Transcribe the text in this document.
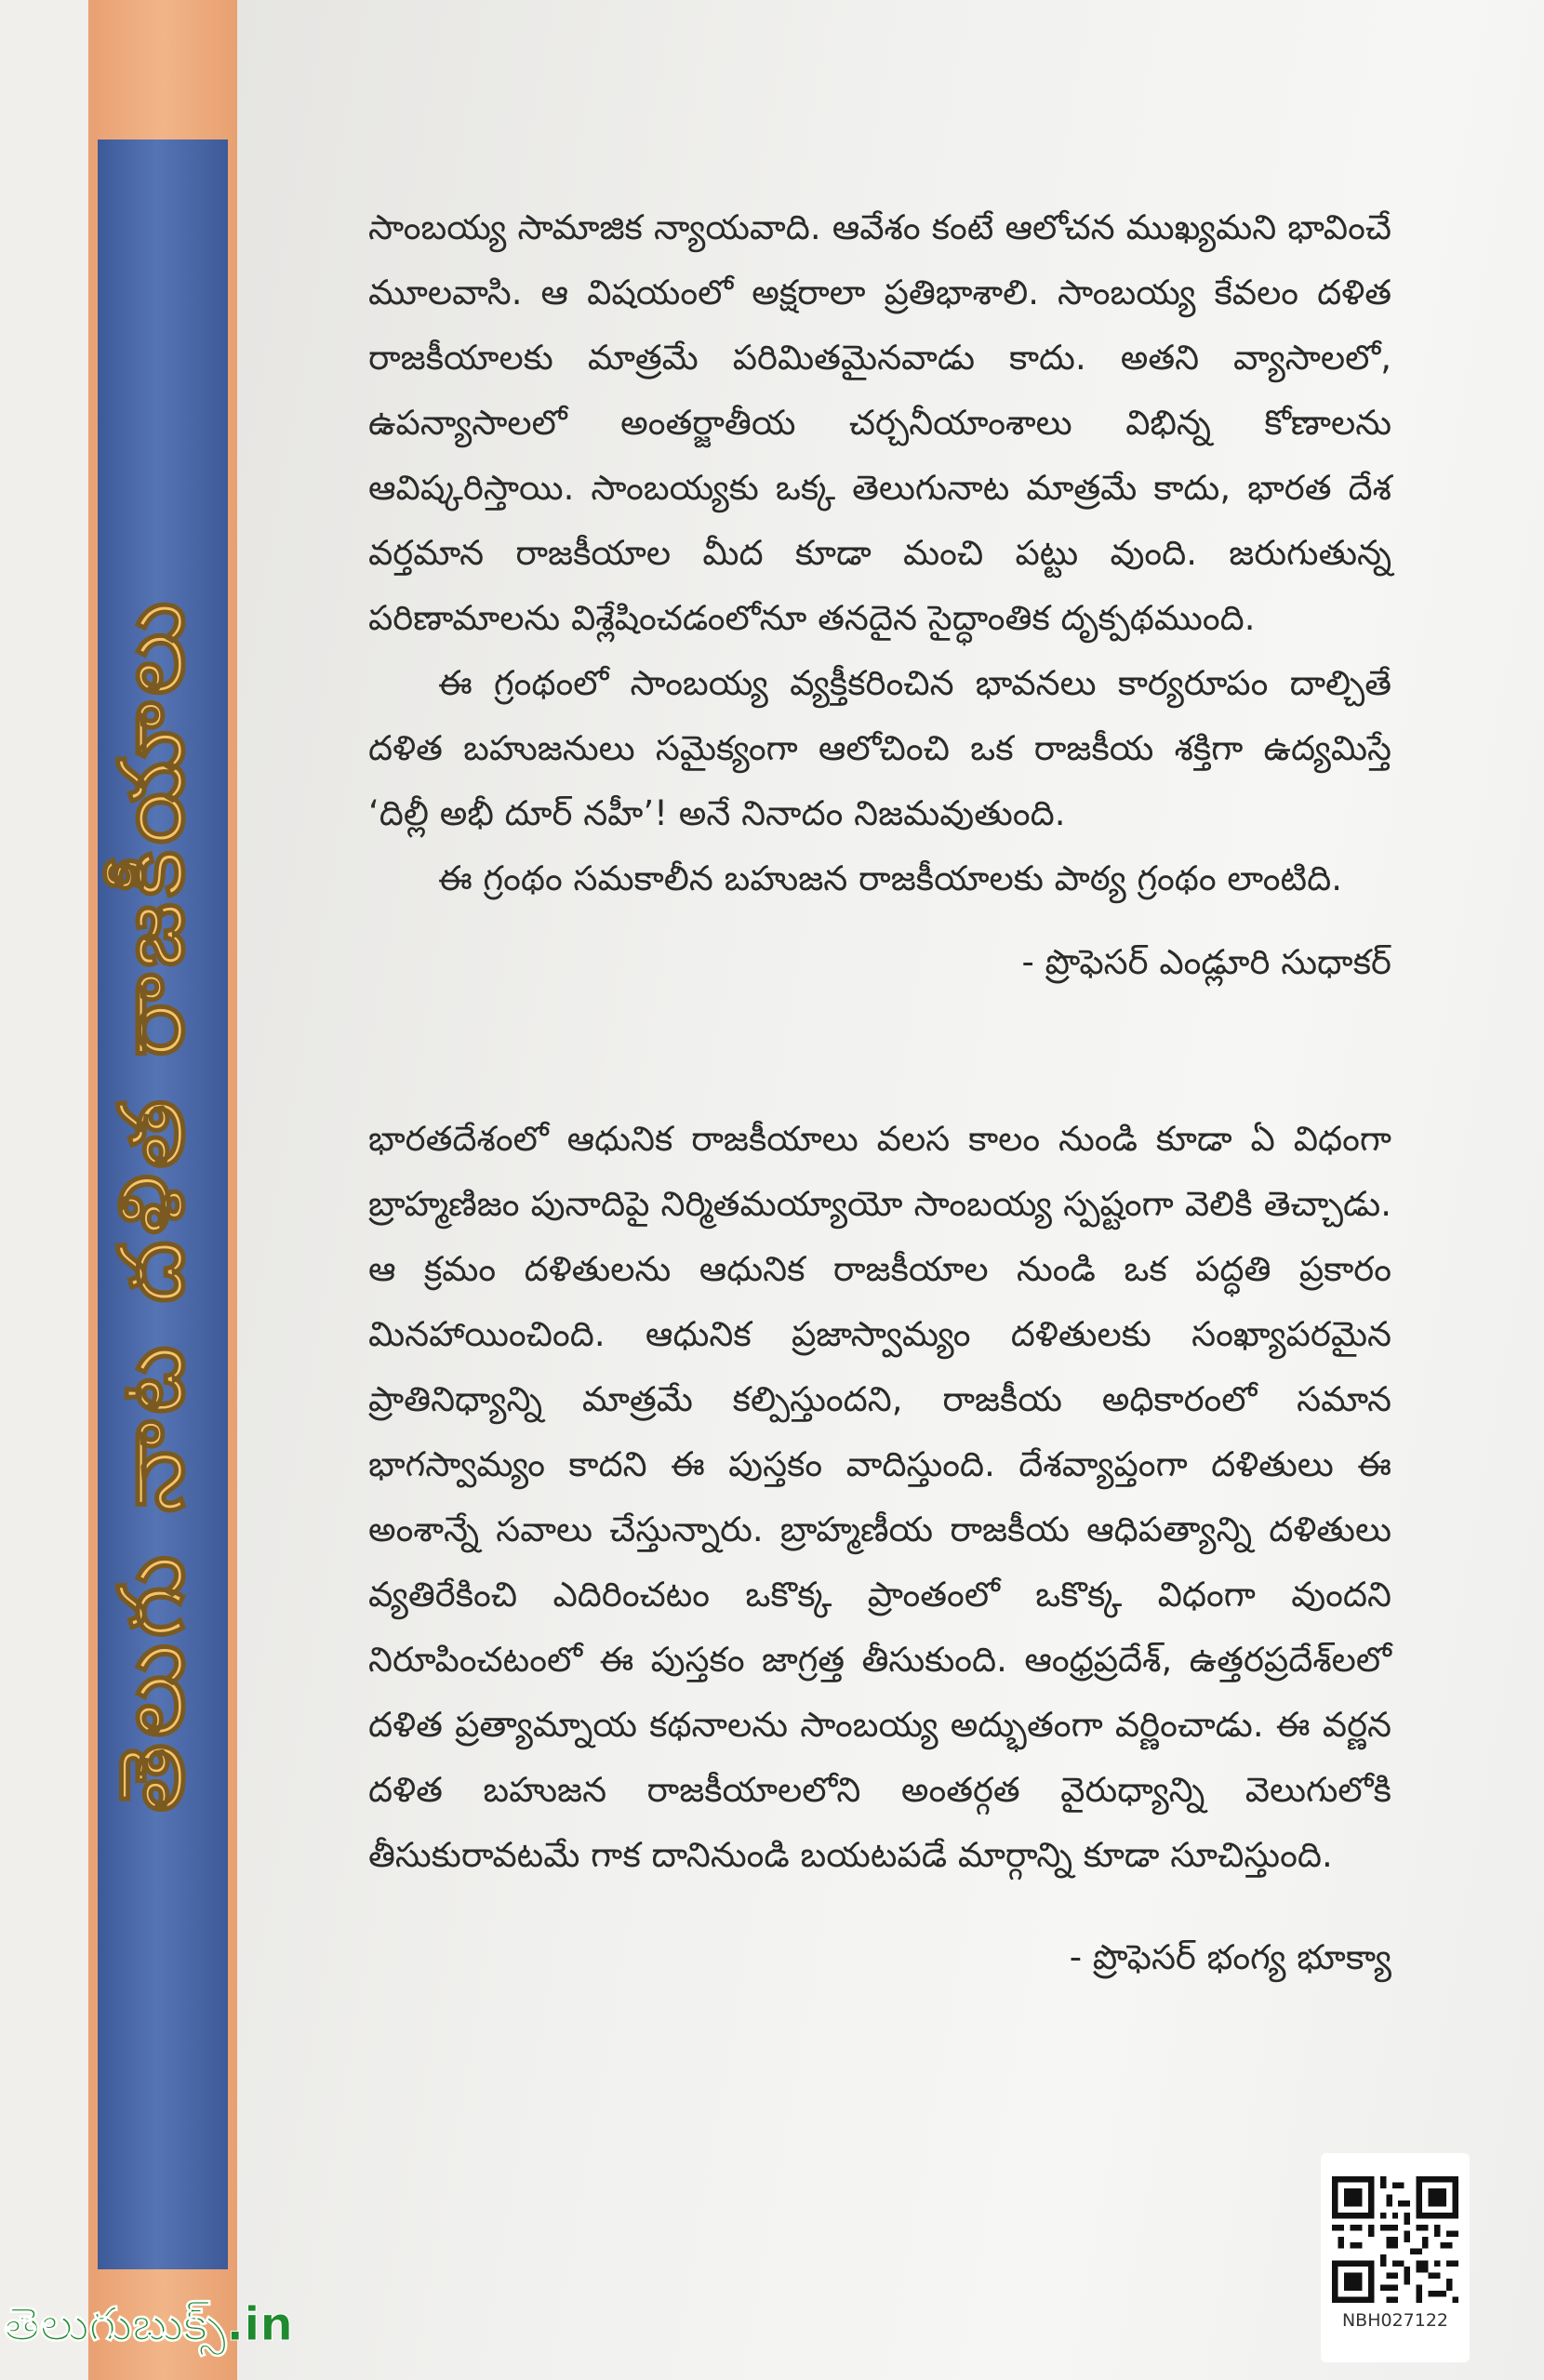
తెలుగు నాట దళిత రాజకీయాలు

సాంబయ్య సామాజిక న్యాయవాది. ఆవేశం కంటే ఆలోచన ముఖ్యమని భావించే మూలవాసి. ఆ విషయంలో అక్షరాలా ప్రతిభాశాలి. సాంబయ్య కేవలం దళిత రాజకీయాలకు మాత్రమే పరిమితమైనవాడు కాదు. అతని వ్యాసాలలో, ఉపన్యాసాలలో అంతర్జాతీయ చర్చనీయాంశాలు విభిన్న కోణాలను ఆవిష్కరిస్తాయి. సాంబయ్యకు ఒక్క తెలుగునాట మాత్రమే కాదు, భారత దేశ వర్తమాన రాజకీయాల మీద కూడా మంచి పట్టు వుంది. జరుగుతున్న పరిణామాలను విశ్లేషించడంలోనూ తనదైన సైద్ధాంతిక దృక్పథముంది.

ఈ గ్రంథంలో సాంబయ్య వ్యక్తీకరించిన భావనలు కార్యరూపం దాల్చితే దళిత బహుజనులు సమైక్యంగా ఆలోచించి ఒక రాజకీయ శక్తిగా ఉద్యమిస్తే ‘దిల్లీ అభీ దూర్ నహీ’! అనే నినాదం నిజమవుతుంది.

ఈ గ్రంథం సమకాలీన బహుజన రాజకీయాలకు పాఠ్య గ్రంథం లాంటిది.

- ప్రొఫెసర్ ఎండ్లూరి సుధాకర్

భారతదేశంలో ఆధునిక రాజకీయాలు వలస కాలం నుండి కూడా ఏ విధంగా బ్రాహ్మణిజం పునాదిపై నిర్మితమయ్యాయో సాంబయ్య స్పష్టంగా వెలికి తెచ్చాడు. ఆ క్రమం దళితులను ఆధునిక రాజకీయాల నుండి ఒక పద్ధతి ప్రకారం మినహాయించింది. ఆధునిక ప్రజాస్వామ్యం దళితులకు సంఖ్యాపరమైన ప్రాతినిధ్యాన్ని మాత్రమే కల్పిస్తుందని, రాజకీయ అధికారంలో సమాన భాగస్వామ్యం కాదని ఈ పుస్తకం వాదిస్తుంది. దేశవ్యాప్తంగా దళితులు ఈ అంశాన్నే సవాలు చేస్తున్నారు. బ్రాహ్మణీయ రాజకీయ ఆధిపత్యాన్ని దళితులు వ్యతిరేకించి ఎదిరించటం ఒకొక్క ప్రాంతంలో ఒకొక్క విధంగా వుందని నిరూపించటంలో ఈ పుస్తకం జాగ్రత్త తీసుకుంది. ఆంధ్రప్రదేశ్, ఉత్తరప్రదేశ్‌లలో దళిత ప్రత్యామ్నాయ కథనాలను సాంబయ్య అద్భుతంగా వర్ణించాడు. ఈ వర్ణన దళిత బహుజన రాజకీయాలలోని అంతర్గత వైరుధ్యాన్ని వెలుగులోకి తీసుకురావటమే గాక దానినుండి బయటపడే మార్గాన్ని కూడా సూచిస్తుంది.

- ప్రొఫెసర్ భంగ్య భూక్యా

NBH027122
తెలుగుబుక్స్.in
